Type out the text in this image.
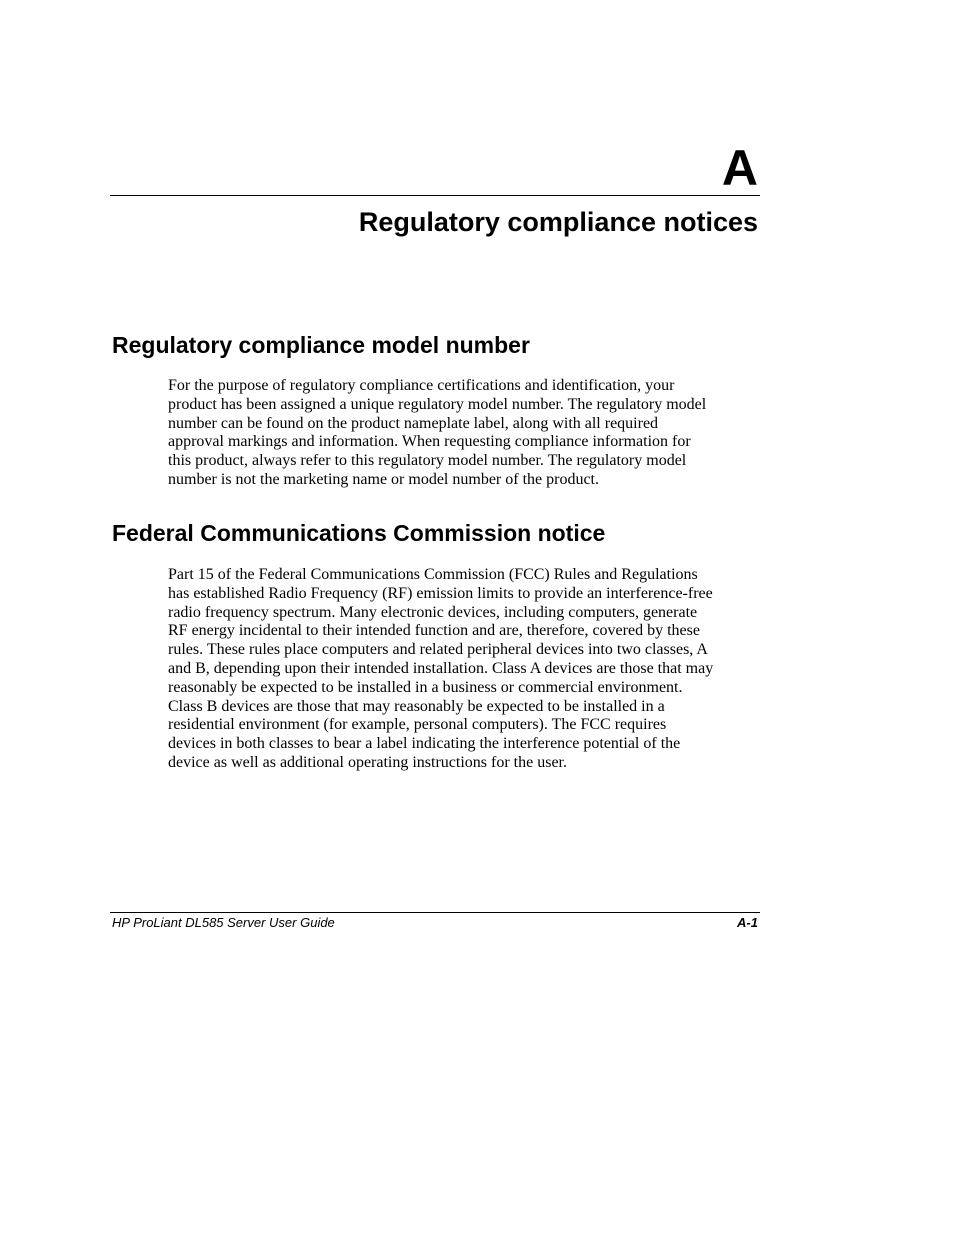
A
Regulatory compliance notices
Regulatory compliance model number

For the purpose of regulatory compliance certifications and identification, your
product has been assigned a unique regulatory model number. The regulatory model
number can be found on the product nameplate label, along with all required
approval markings and information. When requesting compliance information for
this product, always refer to this regulatory model number. The regulatory model
number is not the marketing name or model number of the product.

Federal Communications Commission notice

Part 15 of the Federal Communications Commission (FCC) Rules and Regulations
has established Radio Frequency (RF) emission limits to provide an interference-free
radio frequency spectrum. Many electronic devices, including computers, generate
RF energy incidental to their intended function and are, therefore, covered by these
rules. These rules place computers and related peripheral devices into two classes, A
and B, depending upon their intended installation. Class A devices are those that may
reasonably be expected to be installed in a business or commercial environment.
Class B devices are those that may reasonably be expected to be installed in a
residential environment (for example, personal computers). The FCC requires
devices in both classes to bear a label indicating the interference potential of the
device as well as additional operating instructions for the user.

HP ProLiant DL585 Server User Guide	A-1
